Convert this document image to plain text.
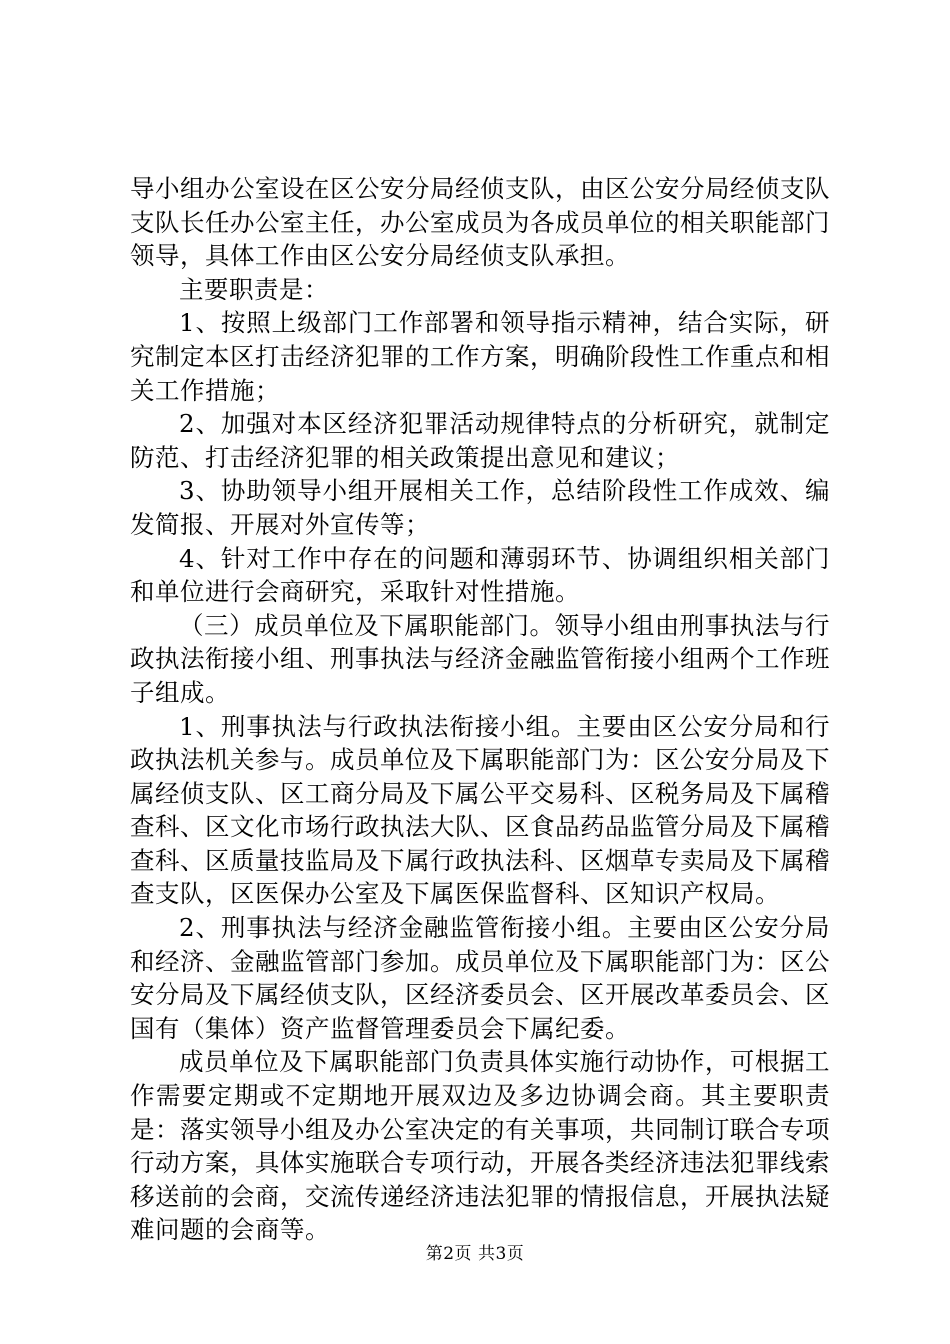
导小组办公室设在区公安分局经侦支队，由区公安分局经侦支队支队长任办公室主任，办公室成员为各成员单位的相关职能部门领导，具体工作由区公安分局经侦支队承担。

主要职责是：

1、按照上级部门工作部署和领导指示精神，结合实际，研究制定本区打击经济犯罪的工作方案，明确阶段性工作重点和相关工作措施；

2、加强对本区经济犯罪活动规律特点的分析研究，就制定防范、打击经济犯罪的相关政策提出意见和建议；

3、协助领导小组开展相关工作，总结阶段性工作成效、编发简报、开展对外宣传等；

4、针对工作中存在的问题和薄弱环节、协调组织相关部门和单位进行会商研究，采取针对性措施。

（三）成员单位及下属职能部门。领导小组由刑事执法与行政执法衔接小组、刑事执法与经济金融监管衔接小组两个工作班子组成。

1、刑事执法与行政执法衔接小组。主要由区公安分局和行政执法机关参与。成员单位及下属职能部门为：区公安分局及下属经侦支队、区工商分局及下属公平交易科、区税务局及下属稽查科、区文化市场行政执法大队、区食品药品监管分局及下属稽查科、区质量技监局及下属行政执法科、区烟草专卖局及下属稽查支队，区医保办公室及下属医保监督科、区知识产权局。

2、刑事执法与经济金融监管衔接小组。主要由区公安分局和经济、金融监管部门参加。成员单位及下属职能部门为：区公安分局及下属经侦支队，区经济委员会、区开展改革委员会、区国有（集体）资产监督管理委员会下属纪委。

成员单位及下属职能部门负责具体实施行动协作，可根据工作需要定期或不定期地开展双边及多边协调会商。其主要职责是：落实领导小组及办公室决定的有关事项，共同制订联合专项行动方案，具体实施联合专项行动，开展各类经济违法犯罪线索移送前的会商，交流传递经济违法犯罪的情报信息，开展执法疑难问题的会商等。

第2页 共3页
